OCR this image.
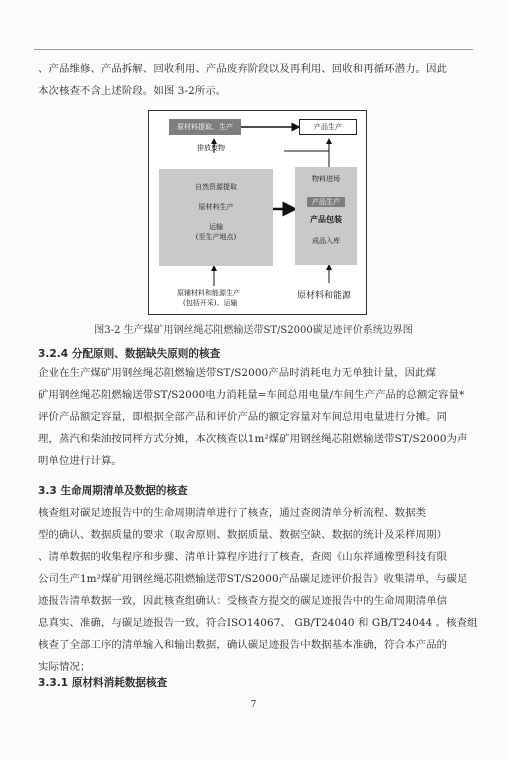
、产品维修、产品拆解、回收利用、产品废弃阶段以及再利用、回收和再循环潜力。因此
本次核查不含上述阶段。如图 3-2所示。
原材料提取、生产	产品生产
排放废物
自然资源提取
原材料生产
运输
(至生产地点)
物料进场
产品生产
产品包装
成品入库
原辅材料和能源生产
(包括开采)、运输
原材料和能源
图3-2 生产煤矿用钢丝绳芯阻燃输送带ST/S2000碳足迹评价系统边界图
3.2.4 分配原则、数据缺失原则的核查
企业在生产煤矿用钢丝绳芯阻燃输送带ST/S2000产品时消耗电力无单独计量，因此煤
矿用钢丝绳芯阻燃输送带ST/S2000电力消耗量=车间总用电量/车间生产产品的总额定容量*
评价产品额定容量，即根据全部产品和评价产品的额定容量对车间总用电量进行分摊。同
理，蒸汽和柴油按同样方式分摊，本次核查以1m²煤矿用钢丝绳芯阻燃输送带ST/S2000为声
明单位进行计算。
3.3 生命周期清单及数据的核查
核查组对碳足迹报告中的生命周期清单进行了核查，通过查阅清单分析流程、数据类
型的确认、数据质量的要求（取舍原则、数据质量、数据空缺、数据的统计及采样周期）
、清单数据的收集程序和步骤、清单计算程序进行了核查，查阅《山东祥通橡塑科技有限
公司生产1m²煤矿用钢丝绳芯阻燃输送带ST/S2000产品碳足迹评价报告》收集清单，与碳足
迹报告清单数据一致，因此核查组确认：受核查方提交的碳足迹报告中的生命周期清单信
息真实、准确，与碳足迹报告一致，符合ISO14067、 GB/T24040 和 GB/T24044 。核查组
核查了全部工序的清单输入和输出数据，确认碳足迹报告中数据基本准确，符合本产品的
实际情况；
3.3.1 原材料消耗数据核查
7
